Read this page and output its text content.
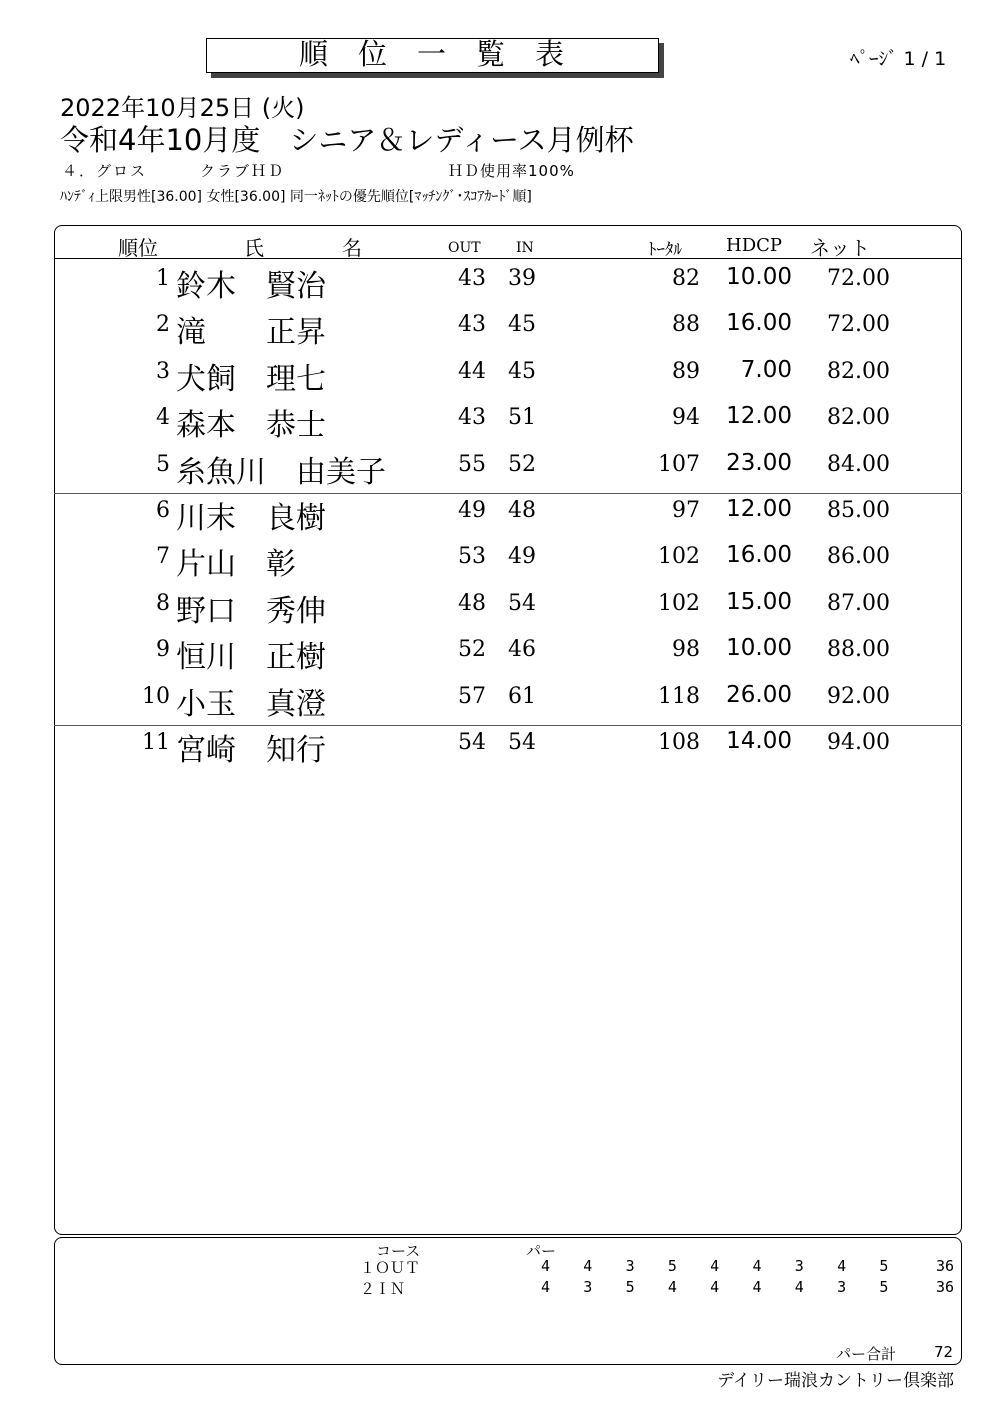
順位一覧表	ﾍﾟｰｼﾞ 1 / 1
2022年10月25日 (火)
令和4年10月度　シニア＆レディース月例杯
４．グロス	クラブＨＤ	ＨＤ使用率100%
ﾊﾝﾃﾞｨ上限男性[36.00] 女性[36.00] 同一ﾈｯﾄの優先順位[ﾏｯﾁﾝｸﾞ･ｽｺｱｶｰﾄﾞ順]
順位	氏	名	OUT	IN	ﾄｰﾀﾙ HDCP ネット
1 鈴木　賢治	43	39	82	10.00	72.00
2 滝　　正昇	43	45	88	16.00	72.00
3 犬飼　理七	44	45	89	7.00	82.00
4 森本　恭士	43	51	94	12.00	82.00
5 糸魚川　由美子	55	52	107	23.00	84.00
6 川末　良樹	49	48	97	12.00	85.00
7 片山　彰	53	49	102	16.00	86.00
8 野口　秀伸	48	54	102	15.00	87.00
9 恒川　正樹	52	46	98	10.00	88.00
10 小玉　真澄	57	61	118	26.00	92.00
11 宮崎　知行	54	54	108	14.00	94.00
コース	パー
１ＯＵＴ	4	4	3	5	4	4	3	4	5	36
２ＩＮ	4	3	5	4	4	4	4	3	5	36
パー合計	72
デイリー瑞浪カントリー倶楽部
